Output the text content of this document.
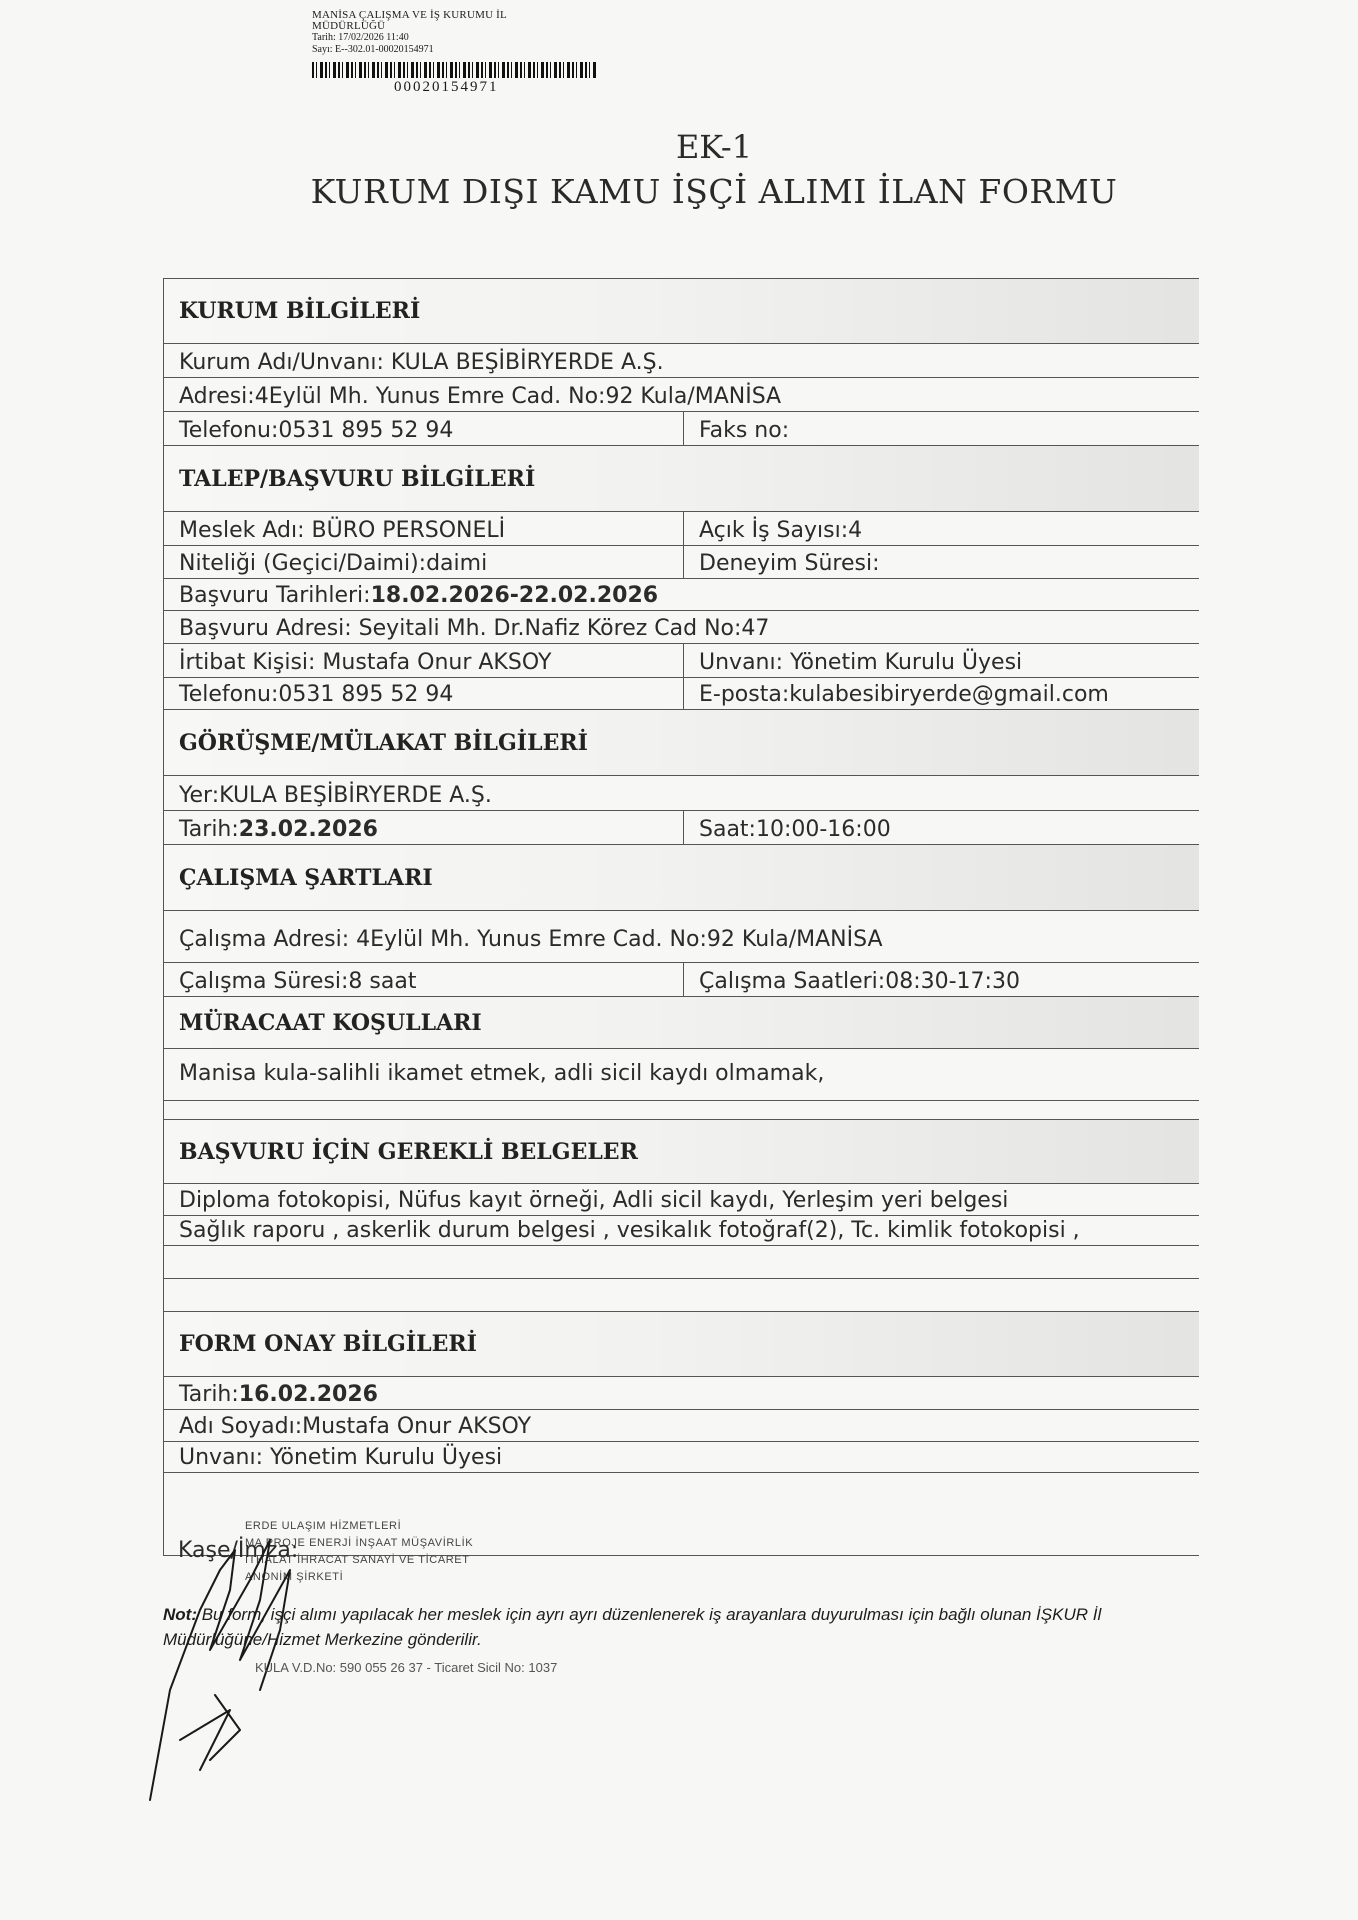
MANİSA ÇALIŞMA VE İŞ KURUMU İL
MÜDÜRLÜĞÜ
Tarih: 17/02/2026 11:40
Sayı: E--302.01-00020154971
00020154971
EK-1
KURUM DIŞI KAMU İŞÇİ ALIMI İLAN FORMU
KURUM BİLGİLERİ
Kurum Adı/Unvanı: KULA BEŞİBİRYERDE A.Ş.
Adresi:4Eylül Mh. Yunus Emre Cad. No:92 Kula/MANİSA
Telefonu:0531 895 52 94	Faks no:
TALEP/BAŞVURU BİLGİLERİ
Meslek Adı: BÜRO PERSONELİ	Açık İş Sayısı:4
Niteliği (Geçici/Daimi):daimi	Deneyim Süresi:
Başvuru Tarihleri:18.02.2026-22.02.2026
Başvuru Adresi: Seyitali Mh. Dr.Nafiz Körez Cad No:47
İrtibat Kişisi: Mustafa Onur AKSOY	Unvanı: Yönetim Kurulu Üyesi
Telefonu:0531 895 52 94	E-posta:kulabesibiryerde@gmail.com
GÖRÜŞME/MÜLAKAT BİLGİLERİ
Yer:KULA BEŞİBİRYERDE A.Ş.
Tarih: 23.02.2026	Saat:10:00-16:00
ÇALIŞMA ŞARTLARI
Çalışma Adresi: 4Eylül Mh. Yunus Emre Cad. No:92 Kula/MANİSA
Çalışma Süresi:8 saat	Çalışma Saatleri:08:30-17:30
MÜRACAAT KOŞULLARI
Manisa kula-salihli ikamet etmek, adli sicil kaydı olmamak,
BAŞVURU İÇİN GEREKLİ BELGELER
Diploma fotokopisi, Nüfus kayıt örneği, Adli sicil kaydı, Yerleşim yeri belgesi
Sağlık raporu , askerlik durum belgesi , vesikalık fotoğraf(2), Tc. kimlik fotokopisi ,
FORM ONAY BİLGİLERİ
Tarih:16.02.2026
Adı Soyadı:Mustafa Onur AKSOY
Unvanı: Yönetim Kurulu Üyesi
Kaşe/İmza:
ERDE ULAŞIM HİZMETLERİ
MA PROJE ENERJİ İNŞAAT MÜŞAVİRLİK
ITHALAT İHRACAT SANAYİ VE TİCARET
ANONİM ŞİRKETİ
Not: Bu form, işçi alımı yapılacak her meslek için ayrı ayrı düzenlenerek iş arayanlara duyurulması için bağlı olunan İŞKUR İl Müdürlüğüne/Hizmet Merkezine gönderilir.
KULA V.D.No: 590 055 26 37 - Ticaret Sicil No: 1037
